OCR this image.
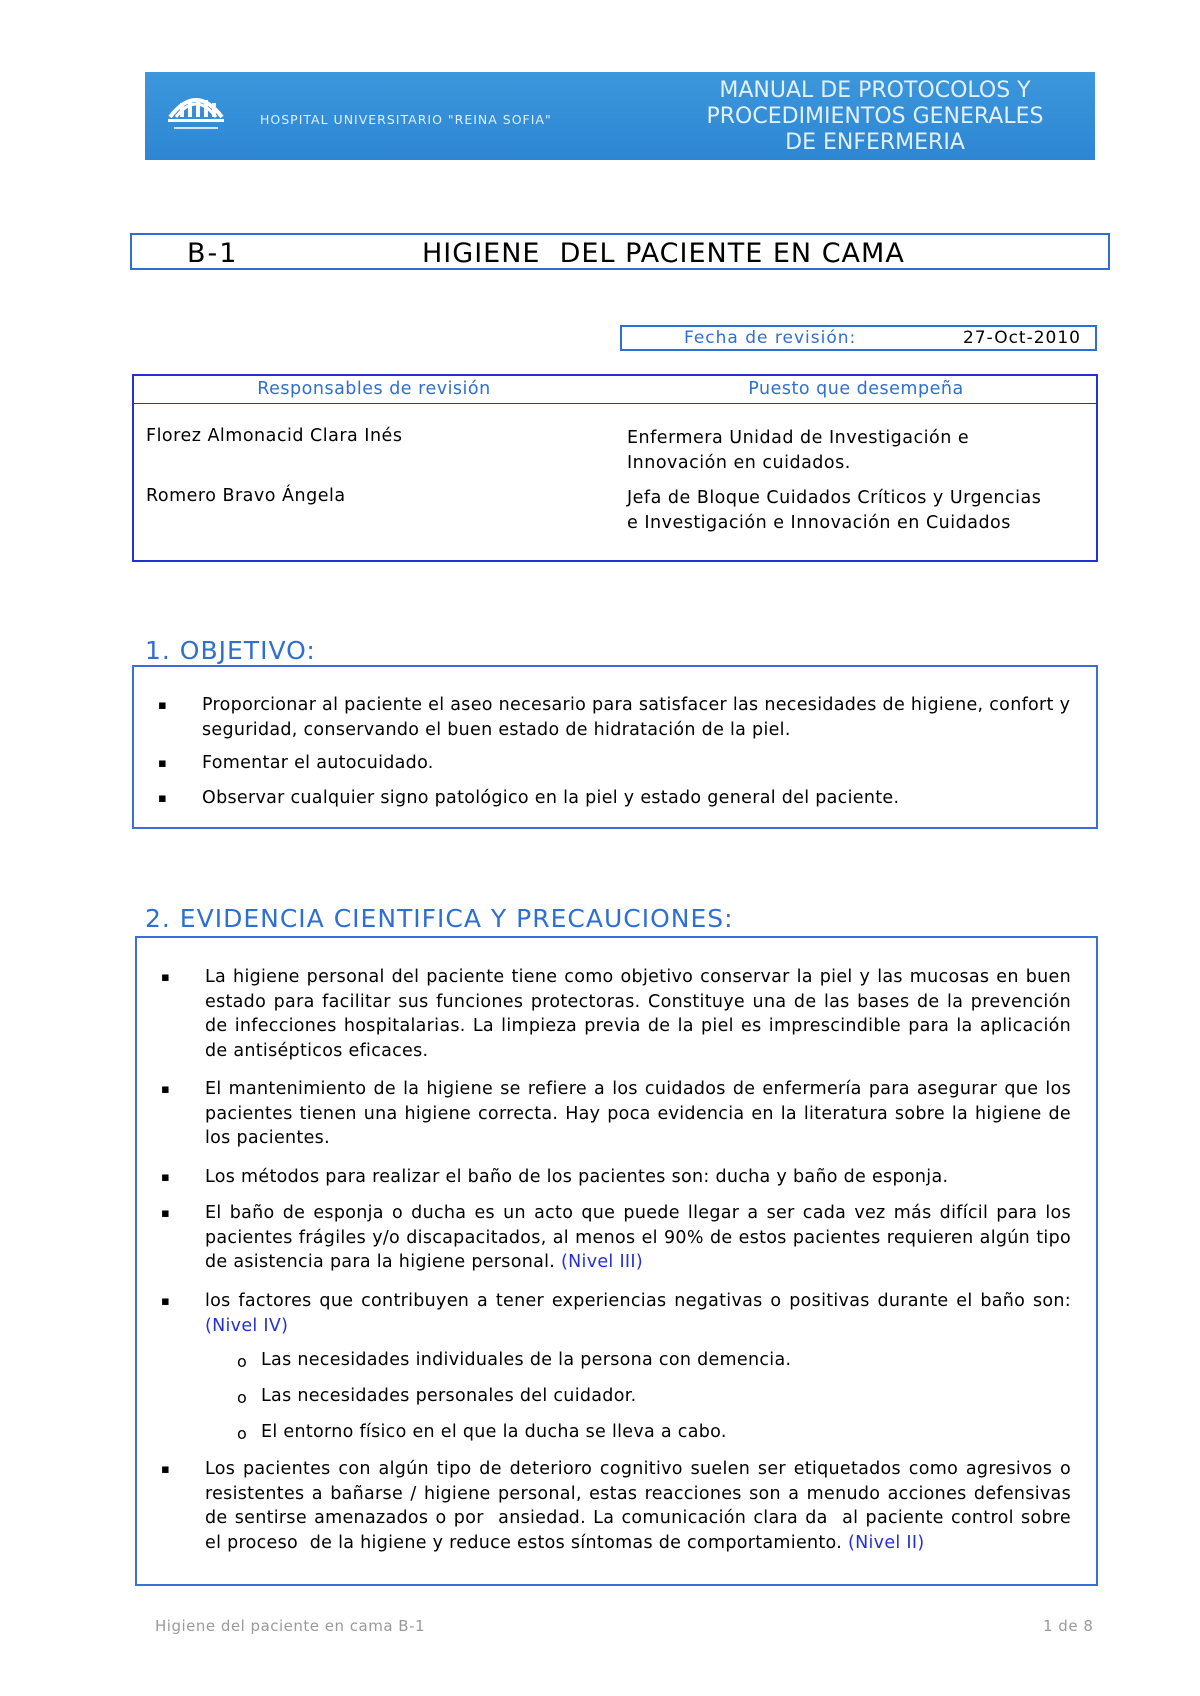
HOSPITAL UNIVERSITARIO "REINA SOFIA"
MANUAL DE PROTOCOLOS Y
PROCEDIMIENTOS GENERALES
DE ENFERMERIA
B-1	HIGIENE  DEL PACIENTE EN CAMA
Fecha de revisión:	27-Oct-2010
Responsables de revisión	Puesto que desempeña
Florez Almonacid Clara Inés	Enfermera Unidad de Investigación e
Innovación en cuidados.
Romero Bravo Ángela	Jefa de Bloque Cuidados Críticos y Urgencias
e Investigación e Innovación en Cuidados
1. OBJETIVO:
▪ Proporcionar al paciente el aseo necesario para satisfacer las necesidades de higiene, confort y seguridad, conservando el buen estado de hidratación de la piel.
▪ Fomentar el autocuidado.
▪ Observar cualquier signo patológico en la piel y estado general del paciente.
2. EVIDENCIA CIENTIFICA Y PRECAUCIONES:
▪ La higiene personal del paciente tiene como objetivo conservar la piel y las mucosas en buen estado para facilitar sus funciones protectoras. Constituye una de las bases de la prevención de infecciones hospitalarias. La limpieza previa de la piel es imprescindible para la aplicación de antisépticos eficaces.
▪ El mantenimiento de la higiene se refiere a los cuidados de enfermería para asegurar que los pacientes tienen una higiene correcta. Hay poca evidencia en la literatura sobre la higiene de los pacientes.
▪ Los métodos para realizar el baño de los pacientes son: ducha y baño de esponja.
▪ El baño de esponja o ducha es un acto que puede llegar a ser cada vez más difícil para los pacientes frágiles y/o discapacitados, al menos el 90% de estos pacientes requieren algún tipo de asistencia para la higiene personal. (Nivel III)
▪ los factores que contribuyen a tener experiencias negativas o positivas durante el baño son: (Nivel IV)
o Las necesidades individuales de la persona con demencia.
o Las necesidades personales del cuidador.
o El entorno físico en el que la ducha se lleva a cabo.
▪ Los pacientes con algún tipo de deterioro cognitivo suelen ser etiquetados como agresivos o resistentes a bañarse / higiene personal, estas reacciones son a menudo acciones defensivas de sentirse amenazados o por  ansiedad. La comunicación clara da  al paciente control sobre el proceso  de la higiene y reduce estos síntomas de comportamiento. (Nivel II)
Higiene del paciente en cama B-1	1 de 8
